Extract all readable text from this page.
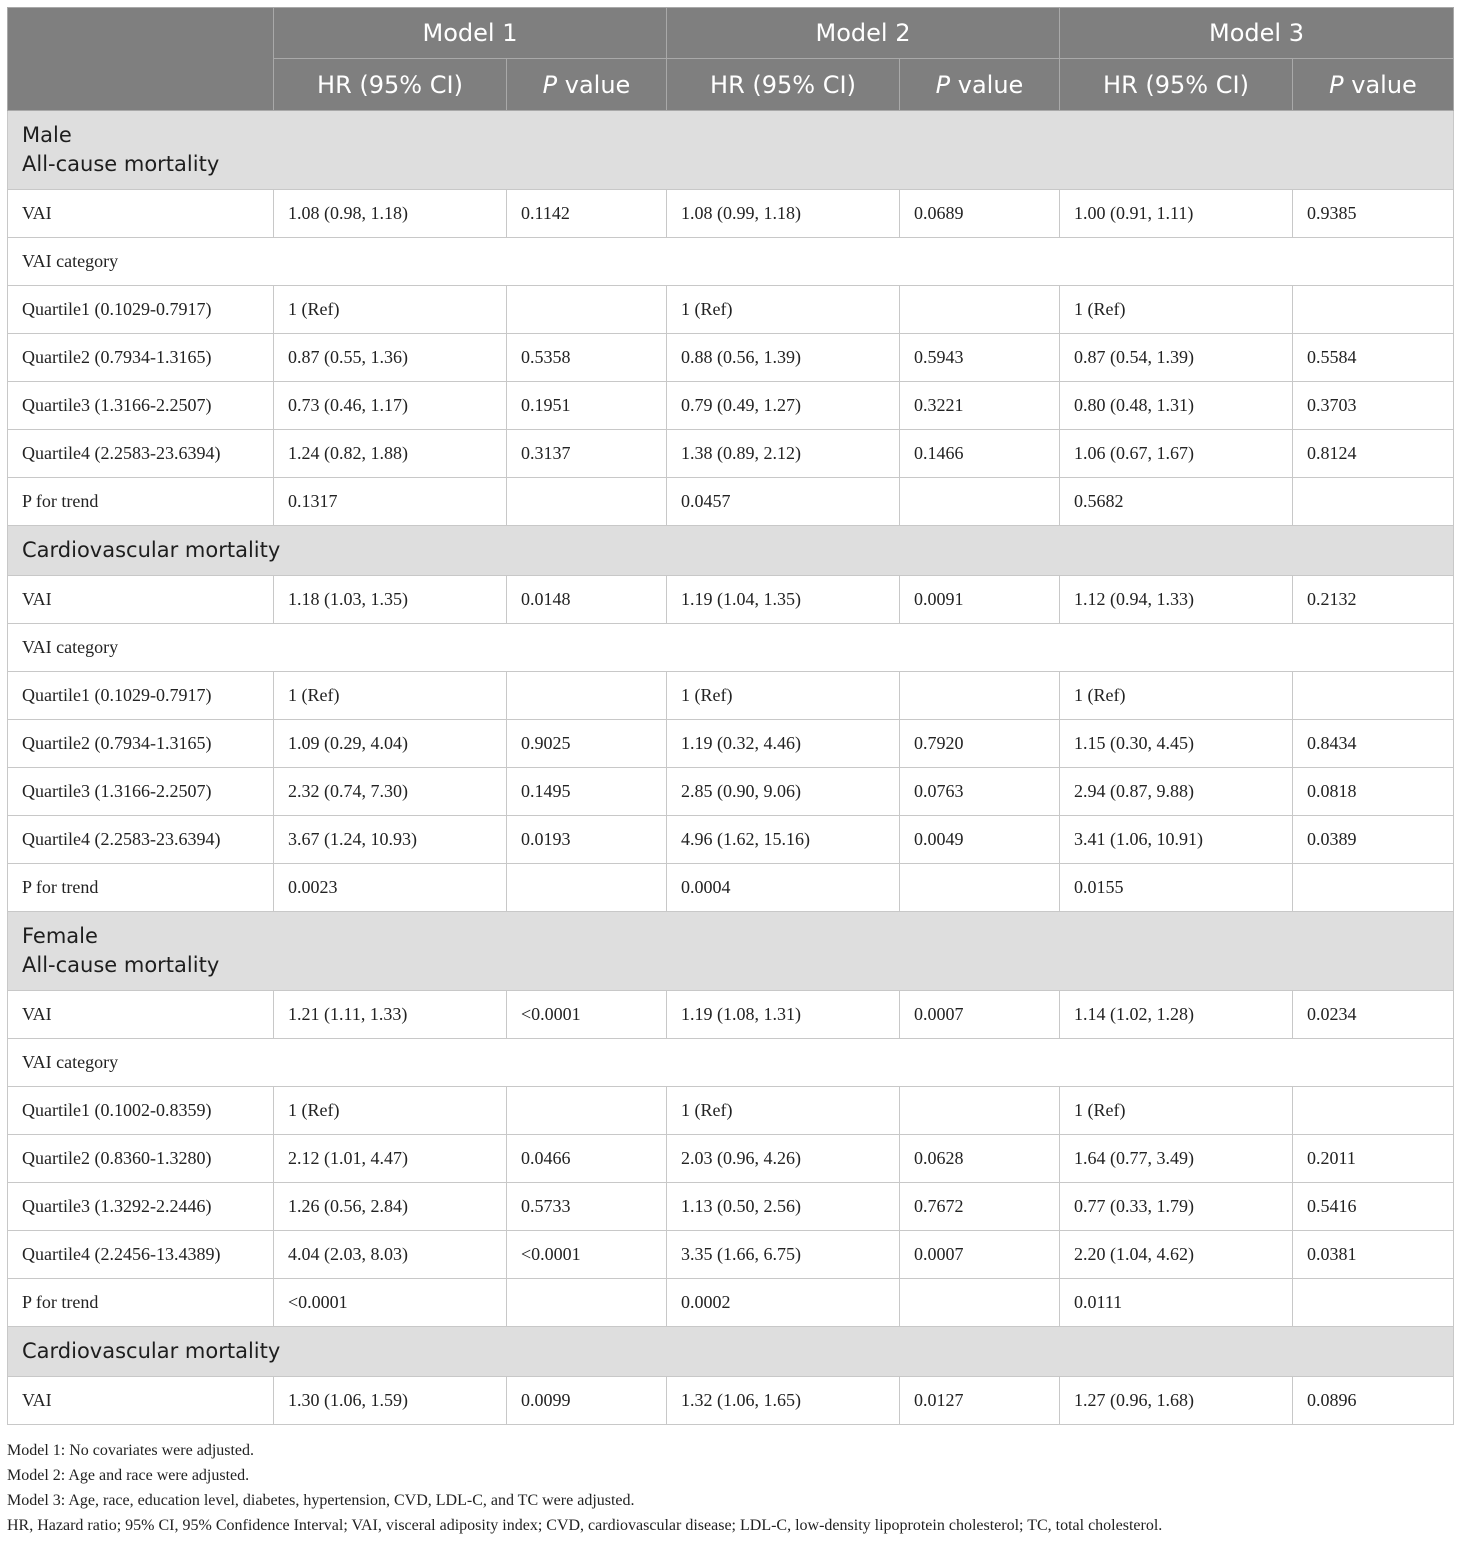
	Model 1		Model 2		Model 3	
	HR (95% CI)	P value	HR (95% CI)	P value	HR (95% CI)	P value

Male
All-cause mortality						

VAI	1.08 (0.98, 1.18)	0.1142	1.08 (0.99, 1.18)	0.0689	1.00 (0.91, 1.11)	0.9385
VAI category						
Quartile1 (0.1029-0.7917)	1 (Ref)		1 (Ref)		1 (Ref)	
Quartile2 (0.7934-1.3165)	0.87 (0.55, 1.36)	0.5358	0.88 (0.56, 1.39)	0.5943	0.87 (0.54, 1.39)	0.5584
Quartile3 (1.3166-2.2507)	0.73 (0.46, 1.17)	0.1951	0.79 (0.49, 1.27)	0.3221	0.80 (0.48, 1.31)	0.3703
Quartile4 (2.2583-23.6394)	1.24 (0.82, 1.88)	0.3137	1.38 (0.89, 2.12)	0.1466	1.06 (0.67, 1.67)	0.8124
P for trend	0.1317		0.0457		0.5682	

Cardiovascular mortality						

VAI	1.18 (1.03, 1.35)	0.0148	1.19 (1.04, 1.35)	0.0091	1.12 (0.94, 1.33)	0.2132
VAI category						
Quartile1 (0.1029-0.7917)	1 (Ref)		1 (Ref)		1 (Ref)	
Quartile2 (0.7934-1.3165)	1.09 (0.29, 4.04)	0.9025	1.19 (0.32, 4.46)	0.7920	1.15 (0.30, 4.45)	0.8434
Quartile3 (1.3166-2.2507)	2.32 (0.74, 7.30)	0.1495	2.85 (0.90, 9.06)	0.0763	2.94 (0.87, 9.88)	0.0818
Quartile4 (2.2583-23.6394)	3.67 (1.24, 10.93)	0.0193	4.96 (1.62, 15.16)	0.0049	3.41 (1.06, 10.91)	0.0389
P for trend	0.0023		0.0004		0.0155	

Female
All-cause mortality						

VAI	1.21 (1.11, 1.33)	<0.0001	1.19 (1.08, 1.31)	0.0007	1.14 (1.02, 1.28)	0.0234
VAI category						
Quartile1 (0.1002-0.8359)	1 (Ref)		1 (Ref)		1 (Ref)	
Quartile2 (0.8360-1.3280)	2.12 (1.01, 4.47)	0.0466	2.03 (0.96, 4.26)	0.0628	1.64 (0.77, 3.49)	0.2011
Quartile3 (1.3292-2.2446)	1.26 (0.56, 2.84)	0.5733	1.13 (0.50, 2.56)	0.7672	0.77 (0.33, 1.79)	0.5416
Quartile4 (2.2456-13.4389)	4.04 (2.03, 8.03)	<0.0001	3.35 (1.66, 6.75)	0.0007	2.20 (1.04, 4.62)	0.0381
P for trend	<0.0001		0.0002		0.0111	

Cardiovascular mortality						

VAI	1.30 (1.06, 1.59)	0.0099	1.32 (1.06, 1.65)	0.0127	1.27 (0.96, 1.68)	0.0896
Model 1: No covariates were adjusted.
Model 2: Age and race were adjusted.
Model 3: Age, race, education level, diabetes, hypertension, CVD, LDL-C, and TC were adjusted.
HR, Hazard ratio; 95% CI, 95% Confidence Interval; VAI, visceral adiposity index; CVD, cardiovascular disease; LDL-C, low-density lipoprotein cholesterol; TC, total cholesterol.
